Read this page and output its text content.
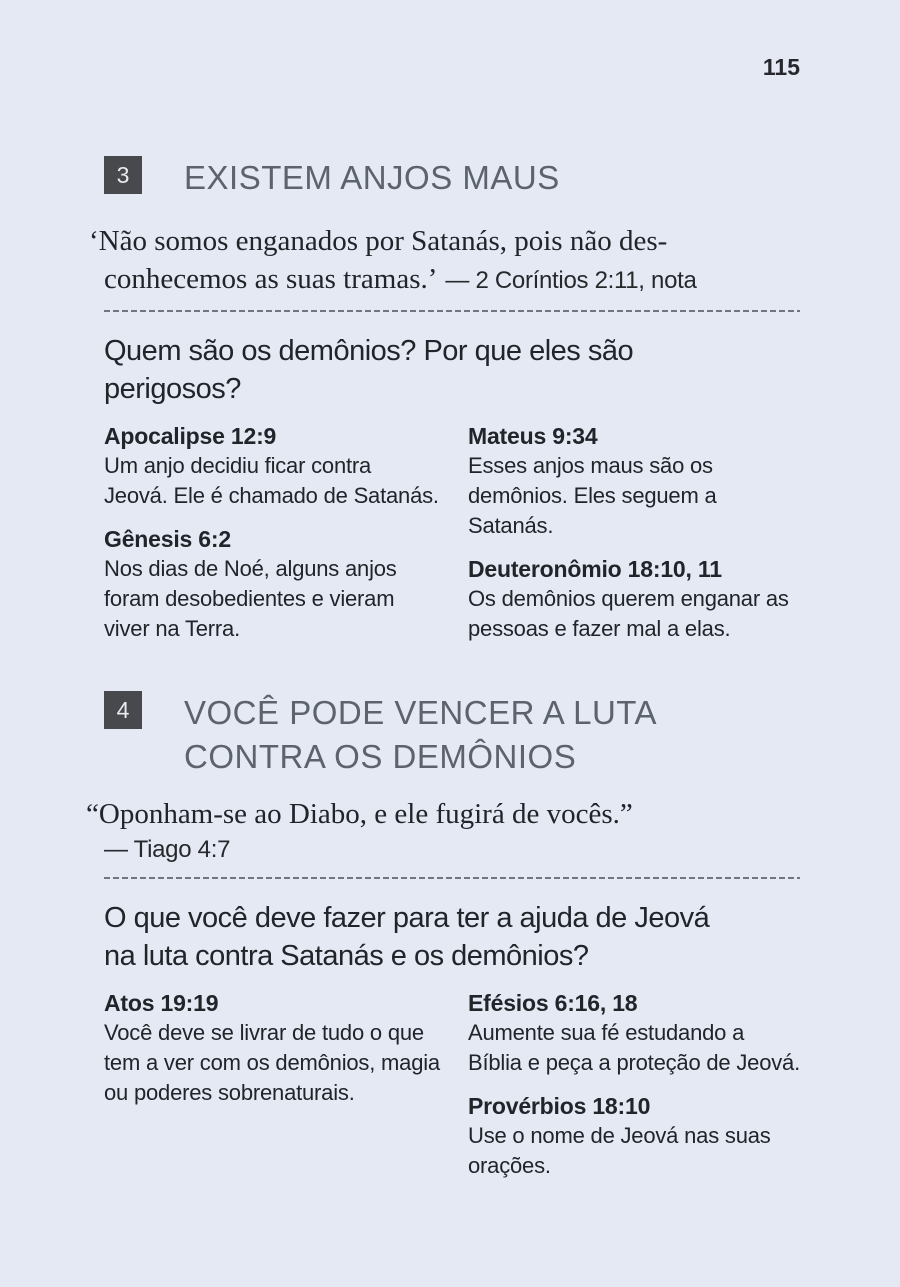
115
3	EXISTEM ANJOS MAUS
‘Não somos enganados por Satanás, pois não des-
conhecemos as suas tramas.’ — 2 Coríntios 2:11, nota
Quem são os demônios? Por que eles são
perigosos?
Apocalipse 12:9
Um anjo decidiu ficar contra Jeová. Ele é chamado de Satanás.
Gênesis 6:2
Nos dias de Noé, alguns anjos foram desobedientes e vieram viver na Terra.
Mateus 9:34
Esses anjos maus são os demônios. Eles seguem a Satanás.
Deuteronômio 18:10, 11
Os demônios querem enganar as pessoas e fazer mal a elas.
4	VOCÊ PODE VENCER A LUTA
CONTRA OS DEMÔNIOS
“Oponham-se ao Diabo, e ele fugirá de vocês.”
— Tiago 4:7
O que você deve fazer para ter a ajuda de Jeová
na luta contra Satanás e os demônios?
Atos 19:19
Você deve se livrar de tudo o que tem a ver com os demônios, magia ou poderes sobrenaturais.
Efésios 6:16, 18
Aumente sua fé estudando a Bíblia e peça a proteção de Jeová.
Provérbios 18:10
Use o nome de Jeová nas suas orações.
